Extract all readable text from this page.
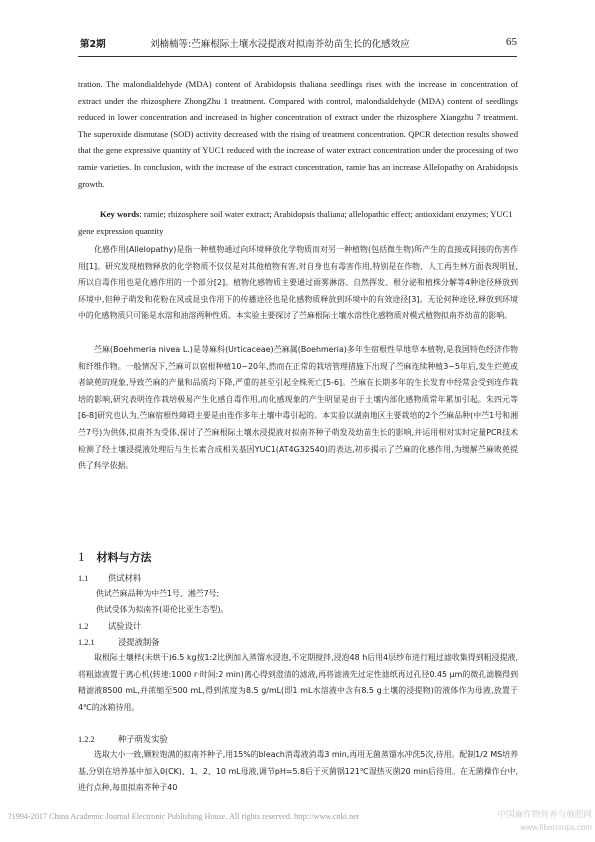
第2期	刘楠楠等:苎麻根际土壤水浸提液对拟南芥幼苗生长的化感效应	65

tration. The malondialdehyde (MDA) content of Arabidopsis thaliana seedlings rises with the increase in concentration of extract under the rhizosphere ZhongZhu 1 treatment. Compared with control, malondialdehyde (MDA) content of seedlings reduced in lower concentration and increased in higher concentration of extract under the rhizosphere Xiangzhu 7 treatment. The superoxide dismutase (SOD) activity decreased with the rising of treatment concentration. QPCR detection results showed that the gene expressive quantity of YUC1 reduced with the increase of water extract concentration under the processing of two ramie varieties. In conclusion, with the increase of the extract concentration, ramie has an increase Allelopathy on Arabidopsis growth.

Key words: ramie; rhizosphere soil water extract; Arabidopsis thaliana; allelopathic effect; antioxidant enzymes; YUC1 gene expression quantity

化感作用(Allelopathy)是指一种植物通过向环境释放化学物质而对另一种植物(包括微生物)所产生的直接或间接的伤害作用[1]。研究发现植物释放的化学物质不仅仅是对其他植物有害,对自身也有毒害作用,特别是在作物、人工再生林方面表现明显,所以自毒作用也是化感作用的一个部分[2]。植物化感物质主要通过雨雾淋溶、自然挥发、根分泌和植株分解等4种途径释放到环境中,但种子萌发和花粉在风或昆虫作用下的传播途径也是化感物质释放到环境中的有效途径[3]。无论何种途径,释放到环境中的化感物质只可能是水溶和油溶两种性质。本实验主要探讨了苎麻根际土壤水溶性化感物质对模式植物拟南芥幼苗的影响。

苎麻(Boehmeria nivea L.)是荨麻科(Urticaceae)苎麻属(Boehmeria)多年生宿根性旱地草本植物,是我国特色经济作物和纤维作物。一般情况下,苎麻可以宿根种植10~20年,然而在正常的栽培管理措施下出现了苎麻连续种植3~5年后,发生烂蔸或者缺蔸的现象,导致苎麻的产量和品质均下降,严重的甚至引起全株死亡[5-6]。苎麻在长期多年的生长发育中经常会受到连作栽培的影响,研究表明连作栽培极易产生化感自毒作用,而化感现象的产生明显是由于土壤内部化感物质常年累加引起。朱四元等[6-8]研究也认为,苎麻宿根性障碍主要是由连作多年土壤中毒引起的。本实验以湖南地区主要栽培的2个苎麻品种(中苎1号和湘苎7号)为供体,拟南芥为受体,探讨了苎麻根际土壤水浸提液对拟南芥种子萌发及幼苗生长的影响,并运用相对实时定量PCR技术检测了经土壤浸提液处理后与生长素合成相关基因YUC1(AT4G32540)的表达,初步揭示了苎麻的化感作用,为缓解苎麻败蔸提供了科学依据。

1 材料与方法
1.1 供试材料
供试苎麻品种为中苎1号、湘苎7号;
供试受体为拟南芥(哥伦比亚生态型)。
1.2 试验设计
1.2.1	浸提液制备

取根际土壤样(未烘干)6.5 kg按1:2比例加入蒸馏水浸泡,不定期搅拌,浸泡48 h后用4层纱布进行粗过滤收集得到粗浸提液,将粗滤液置于离心机(转速:1000 r·时间:2 min)离心得到澄清的滤液,再将滤液先过定性滤纸再过孔径0.45 μm的微孔滤膜得到精滤液8500 mL,并浓缩至500 mL,得到浓度为8.5 g/mL(即1 mL水溶液中含有8.5 g土壤的浸提物)的液体作为母液,放置于4℃的冰箱待用。

1.2.2	种子萌发实验

选取大小一致,颗粒饱满的拟南芥种子,用15%的bleach消毒液消毒3 min,再用无菌蒸馏水冲洗5次,待用。配制1/2 MS培养基,分别在培养基中加入0(CK)、1、2、10 mL母液,调节pH=5.8后于灭菌锅121℃湿热灭菌20 min后待用。在无菌操作台中,进行点种,每皿拟南芥种子40

?1994-2017 China Academic Journal Electronic Publishing House. All rights reserved. http://www.cnki.net	中国麻作物营养与施肥网
www.fibercrops.com
